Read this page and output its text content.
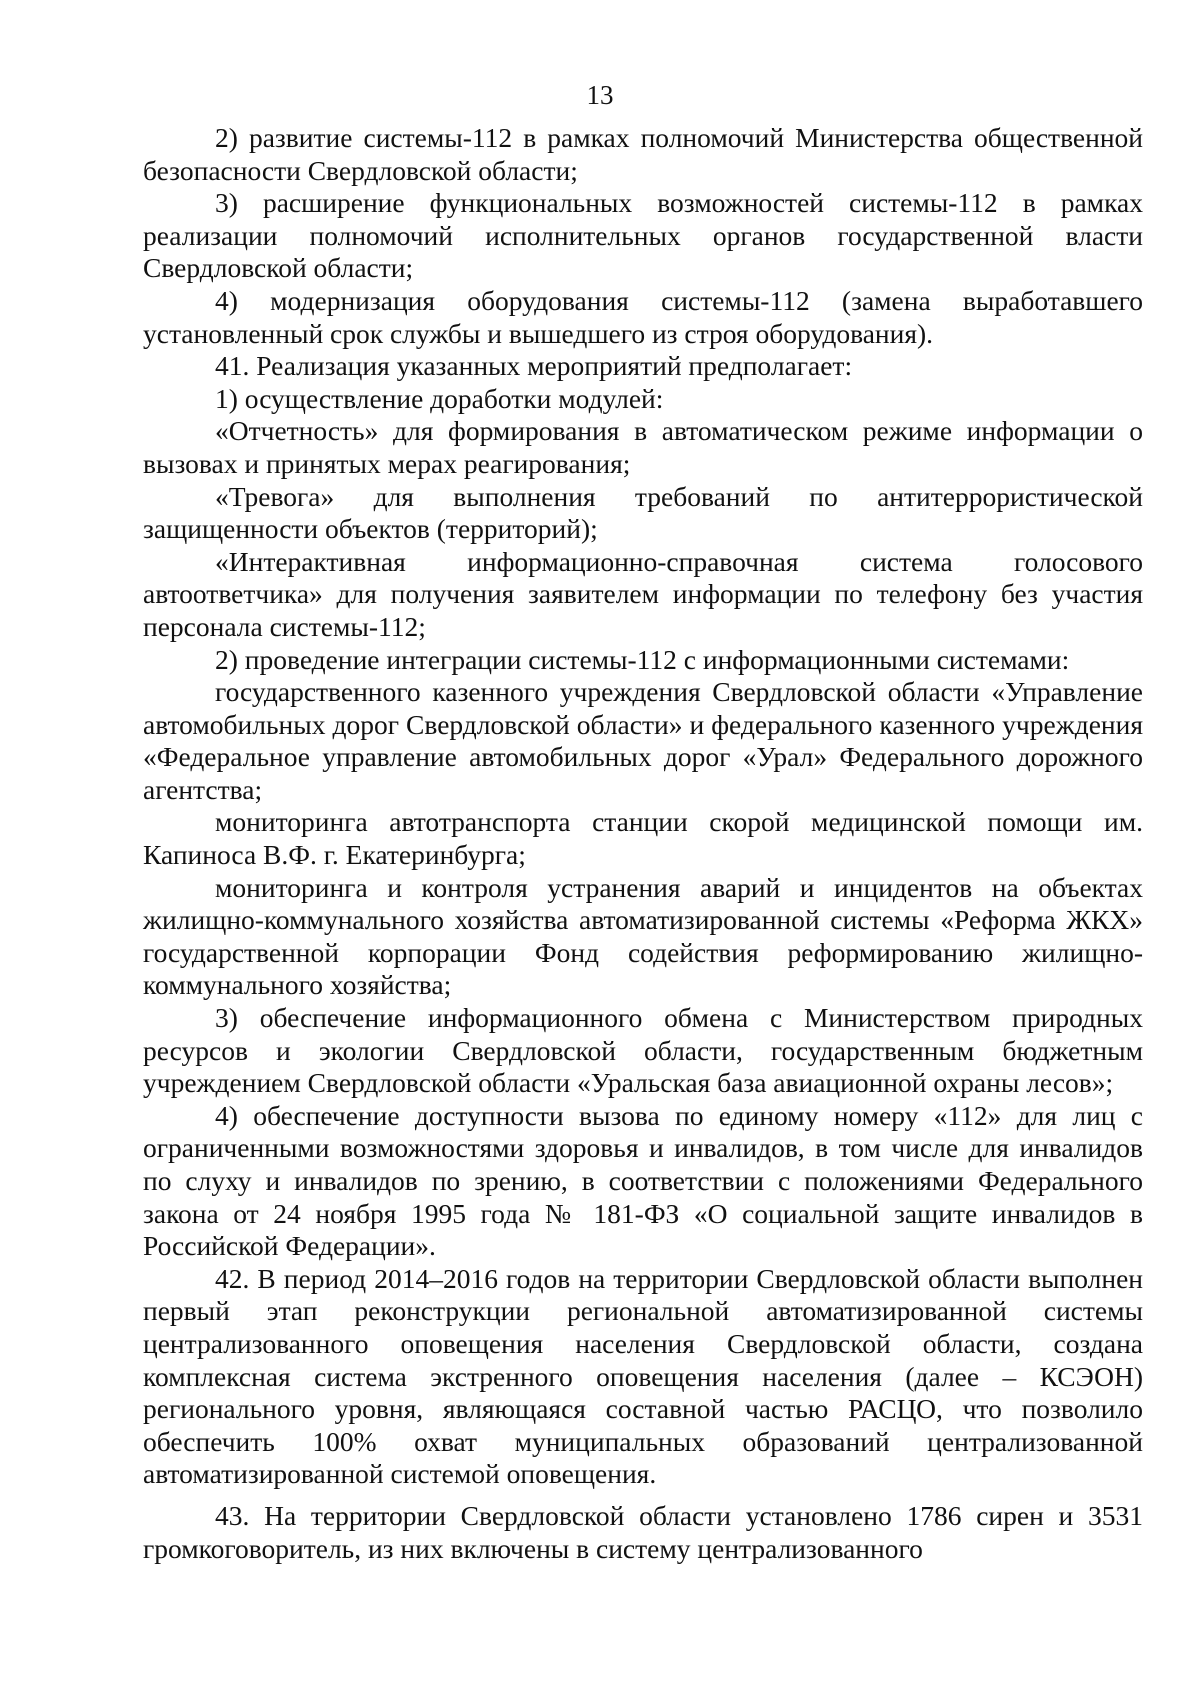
13

2) развитие системы-112 в рамках полномочий Министерства общественной безопасности Свердловской области;

3) расширение функциональных возможностей системы-112 в рамках реализации полномочий исполнительных органов государственной власти Свердловской области;

4) модернизация оборудования системы-112 (замена выработавшего установленный срок службы и вышедшего из строя оборудования).

41. Реализация указанных мероприятий предполагает:

1) осуществление доработки модулей:

«Отчетность» для формирования в автоматическом режиме информации о вызовах и принятых мерах реагирования;

«Тревога» для выполнения требований по антитеррористической защищенности объектов (территорий);

«Интерактивная информационно-справочная система голосового автоответчика» для получения заявителем информации по телефону без участия персонала системы-112;

2) проведение интеграции системы-112 с информационными системами:

государственного казенного учреждения Свердловской области «Управление автомобильных дорог Свердловской области» и федерального казенного учреждения «Федеральное управление автомобильных дорог «Урал» Федерального дорожного агентства;

мониторинга автотранспорта станции скорой медицинской помощи им. Капиноса В.Ф. г. Екатеринбурга;

мониторинга и контроля устранения аварий и инцидентов на объектах жилищно-коммунального хозяйства автоматизированной системы «Реформа ЖКХ» государственной корпорации Фонд содействия реформированию жилищно-коммунального хозяйства;

3) обеспечение информационного обмена с Министерством природных ресурсов и экологии Свердловской области, государственным бюджетным учреждением Свердловской области «Уральская база авиационной охраны лесов»;

4) обеспечение доступности вызова по единому номеру «112» для лиц с ограниченными возможностями здоровья и инвалидов, в том числе для инвалидов по слуху и инвалидов по зрению, в соответствии с положениями Федерального закона от 24 ноября 1995 года № 181-ФЗ «О социальной защите инвалидов в Российской Федерации».

42. В период 2014–2016 годов на территории Свердловской области выполнен первый этап реконструкции региональной автоматизированной системы централизованного оповещения населения Свердловской области, создана комплексная система экстренного оповещения населения (далее – КСЭОН) регионального уровня, являющаяся составной частью РАСЦО, что позволило обеспечить 100% охват муниципальных образований централизованной автоматизированной системой оповещения.

43. На территории Свердловской области установлено 1786 сирен и 3531 громкоговоритель, из них включены в систему централизованного
